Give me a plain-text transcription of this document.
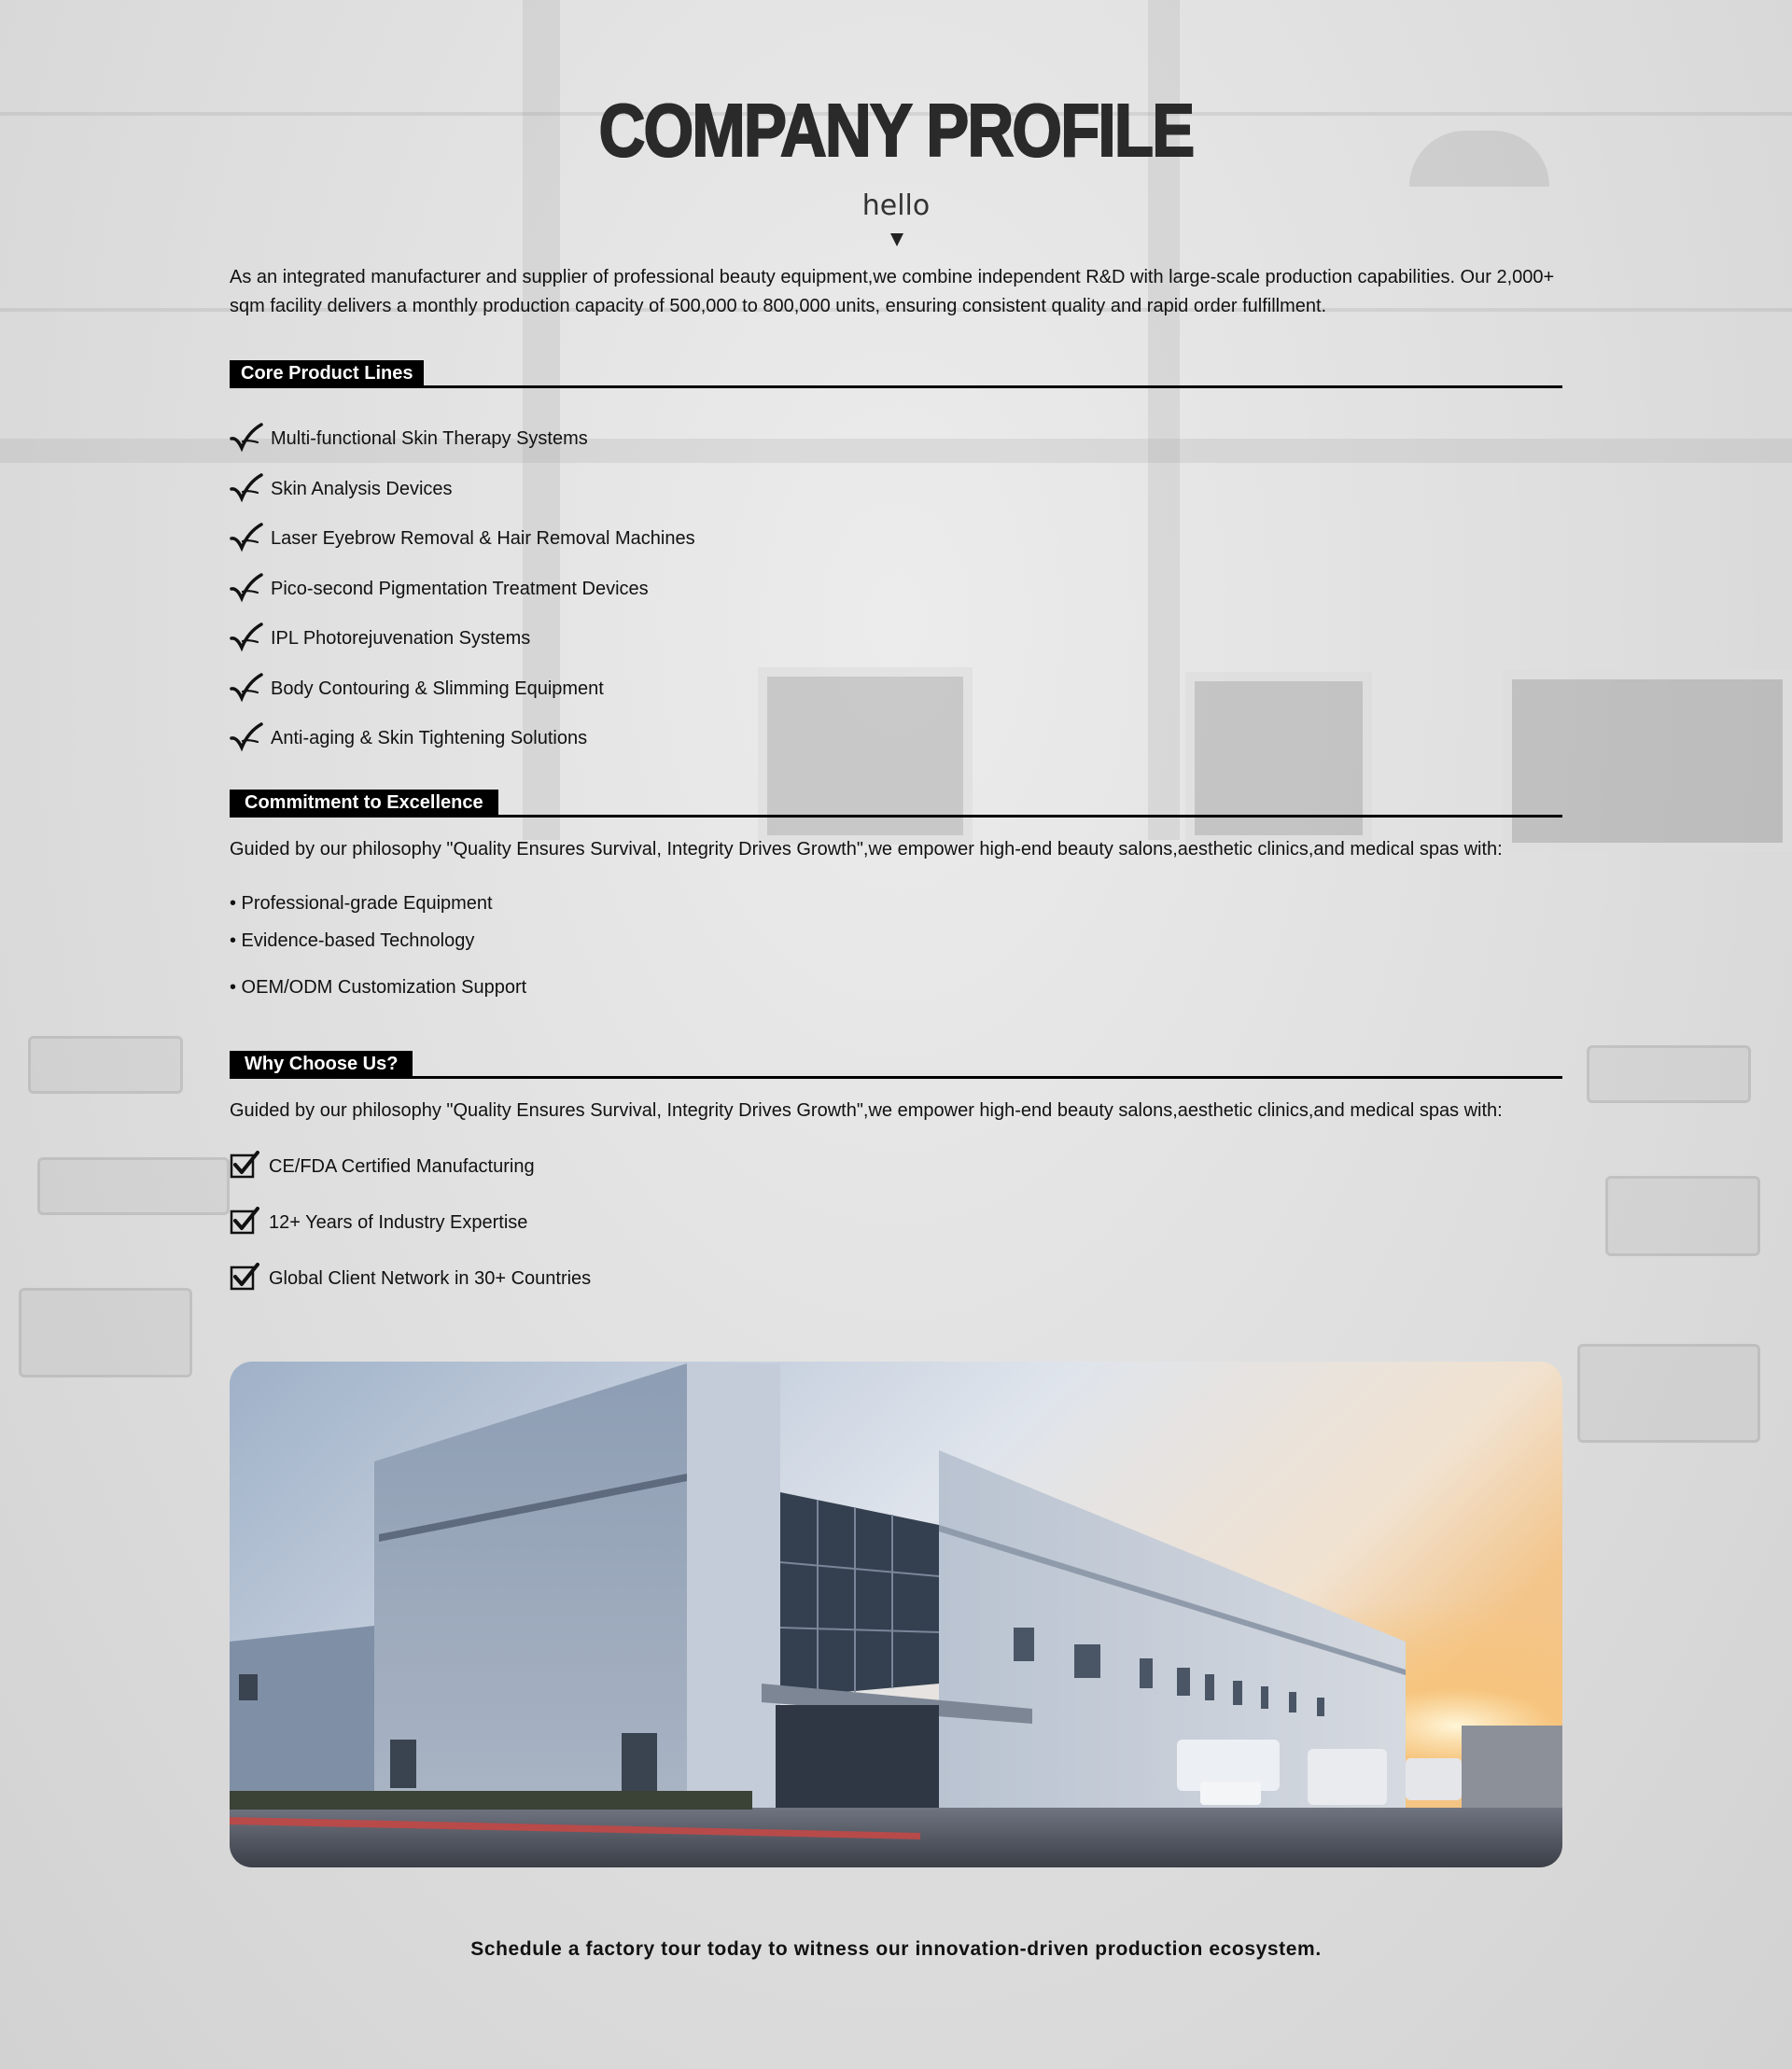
COMPANY PROFILE
hello
As an integrated manufacturer and supplier of professional beauty equipment,we combine independent R&D with large-scale production capabilities. Our 2,000+ sqm facility delivers a monthly production capacity of 500,000 to 800,000 units, ensuring consistent quality and rapid order fulfillment.
Core Product Lines
Multi-functional Skin Therapy Systems
Skin Analysis Devices
Laser Eyebrow Removal & Hair Removal Machines
Pico-second Pigmentation Treatment Devices
IPL Photorejuvenation Systems
Body Contouring & Slimming Equipment
Anti-aging & Skin Tightening Solutions
Commitment to Excellence
Guided by our philosophy "Quality Ensures Survival, Integrity Drives Growth",we empower high-end beauty salons,aesthetic clinics,and medical spas with:
• Professional-grade Equipment
• Evidence-based Technology
• OEM/ODM Customization Support
Why Choose Us?
Guided by our philosophy "Quality Ensures Survival, Integrity Drives Growth",we empower high-end beauty salons,aesthetic clinics,and medical spas with:
CE/FDA Certified Manufacturing
12+ Years of Industry Expertise
Global Client Network in 30+ Countries
Schedule a factory tour today to witness our innovation-driven production ecosystem.
